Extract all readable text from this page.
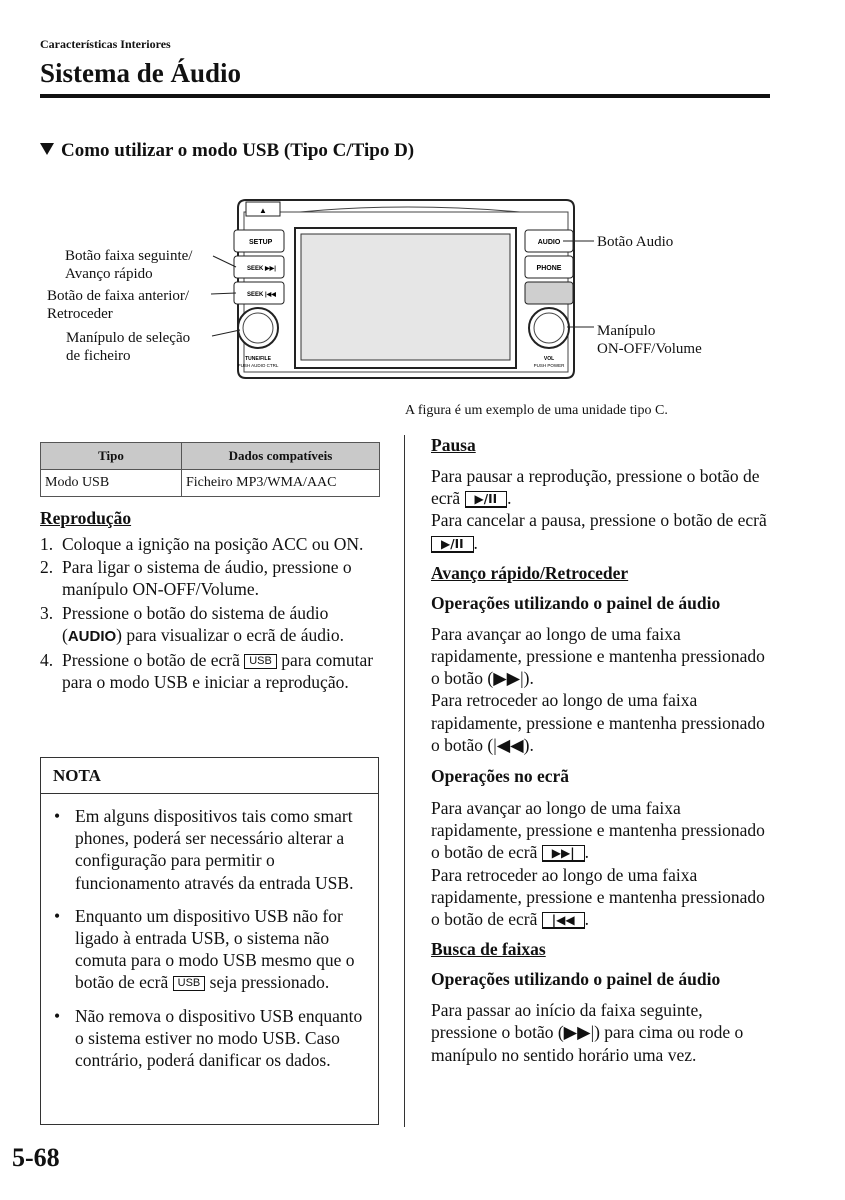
Características Interiores
Sistema de Áudio
Como utilizar o modo USB (Tipo C/Tipo D)
▲
SETUP
SEEK ▶▶|
SEEK |◀◀
TUNE/FILE
PUSH AUDIO CTRL
AUDIO
PHONE
VOL
PUSH POWER
Botão faixa seguinte/
Avanço rápido
Botão de faixa anterior/
Retroceder
Manípulo de seleção
de ficheiro
Botão Audio
Manípulo
ON-OFF/Volume
A figura é um exemplo de uma unidade tipo C.
Tipo	Dados compatíveis
Modo USB	Ficheiro MP3/WMA/AAC
Reprodução
1. Coloque a ignição na posição ACC ou ON.
2. Para ligar o sistema de áudio, pressione o manípulo ON-OFF/Volume.
3. Pressione o botão do sistema de áudio (AUDIO) para visualizar o ecrã de áudio.
4. Pressione o botão de ecrã USB para comutar para o modo USB e iniciar a reprodução.
NOTA
• Em alguns dispositivos tais como smart phones, poderá ser necessário alterar a configuração para permitir o funcionamento através da entrada USB.
• Enquanto um dispositivo USB não for ligado à entrada USB, o sistema não comuta para o modo USB mesmo que o botão de ecrã USB seja pressionado.
• Não remova o dispositivo USB enquanto o sistema estiver no modo USB. Caso contrário, poderá danificar os dados.
Pausa

Para pausar a reprodução, pressione o botão de ecrã ▶/II .

Para cancelar a pausa, pressione o botão de ecrã ▶/II .

Avanço rápido/Retroceder
Operações utilizando o painel de áudio

Para avançar ao longo de uma faixa rapidamente, pressione e mantenha pressionado o botão (▶▶|).

Para retroceder ao longo de uma faixa rapidamente, pressione e mantenha pressionado o botão (|◀◀).

Operações no ecrã

Para avançar ao longo de uma faixa rapidamente, pressione e mantenha pressionado o botão de ecrã ▶▶| .

Para retroceder ao longo de uma faixa rapidamente, pressione e mantenha pressionado o botão de ecrã |◀◀ .

Busca de faixas
Operações utilizando o painel de áudio

Para passar ao início da faixa seguinte, pressione o botão (▶▶|) para cima ou rode o manípulo no sentido horário uma vez.

5-68
